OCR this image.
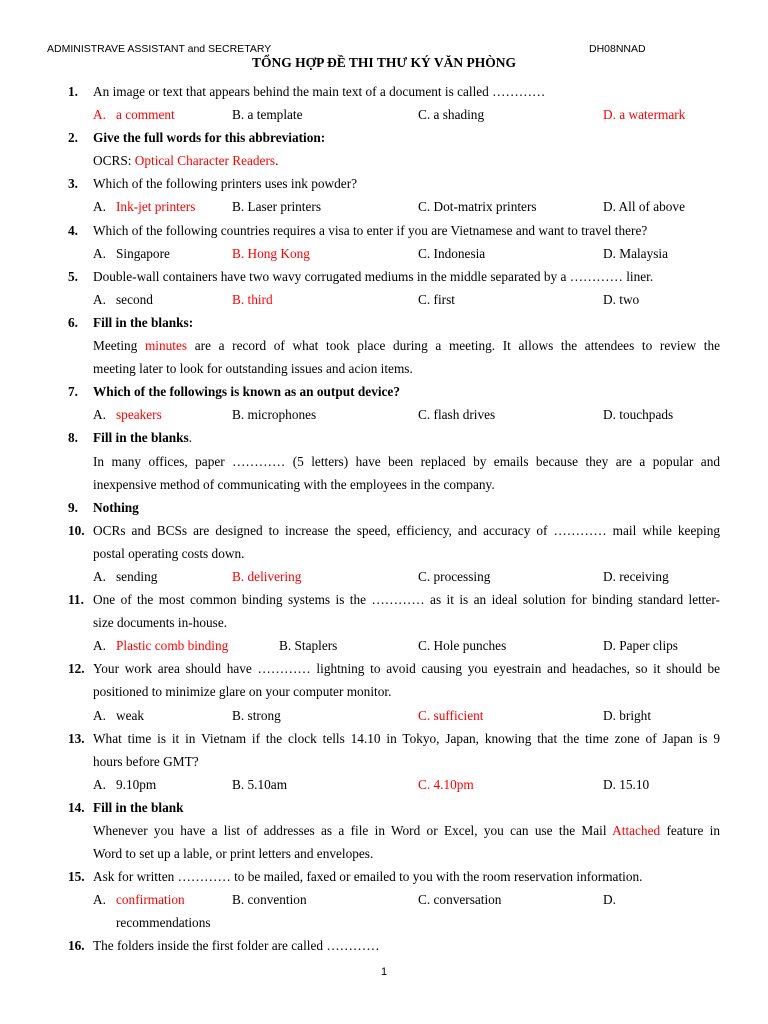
ADMINISTRAVE ASSISTANT and SECRETARY	DH08NNAD
TỔNG HỢP ĐỀ THI THƯ KÝ VĂN PHÒNG
1.	An image or text that appears behind the main text of a document is called …………
A. a comment	B. a template	C. a shading	D. a watermark
2.	Give the full words for this abbreviation:
OCRS: Optical Character Readers.
3.	Which of the following printers uses ink powder?
A. Ink-jet printers	B. Laser printers	C. Dot-matrix printers	D. All of above
4.	Which of the following countries requires a visa to enter if you are Vietnamese and want to travel there?
A. Singapore	B. Hong Kong	C. Indonesia	D. Malaysia
5.	Double-wall containers have two wavy corrugated mediums in the middle separated by a ………… liner.
A. second	B. third	C. first	D. two
6.	Fill in the blanks:
Meeting minutes are a record of what took place during a meeting. It allows the attendees to review the
meeting later to look for outstanding issues and acion items.
7.	Which of the followings is known as an output device?
A. speakers	B. microphones	C. flash drives	D. touchpads
8.	Fill in the blanks.
In many offices, paper ………… (5 letters) have been replaced by emails because they are a popular and
inexpensive method of communicating with the employees in the company.
9.	Nothing
10. OCRs and BCSs are designed to increase the speed, efficiency, and accuracy of ………… mail while keeping
postal operating costs down.
A. sending	B. delivering	C. processing	D. receiving
11. One of the most common binding systems is the ………… as it is an ideal solution for binding standard letter-
size documents in-house.
A. Plastic comb binding	B. Staplers	C. Hole punches	D. Paper clips
12. Your work area should have ………… lightning to avoid causing you eyestrain and headaches, so it should be
positioned to minimize glare on your computer monitor.
A. weak	B. strong	C. sufficient	D. bright
13. What time is it in Vietnam if the clock tells 14.10 in Tokyo, Japan, knowing that the time zone of Japan is 9
hours before GMT?
A. 9.10pm	B. 5.10am	C. 4.10pm	D. 15.10
14. Fill in the blank
Whenever you have a list of addresses as a file in Word or Excel, you can use the Mail Attached feature in
Word to set up a lable, or print letters and envelopes.
15. Ask for written ………… to be mailed, faxed or emailed to you with the room reservation information.
A. confirmation	B. convention	C. conversation	D.
recommendations
16. The folders inside the first folder are called …………
1
